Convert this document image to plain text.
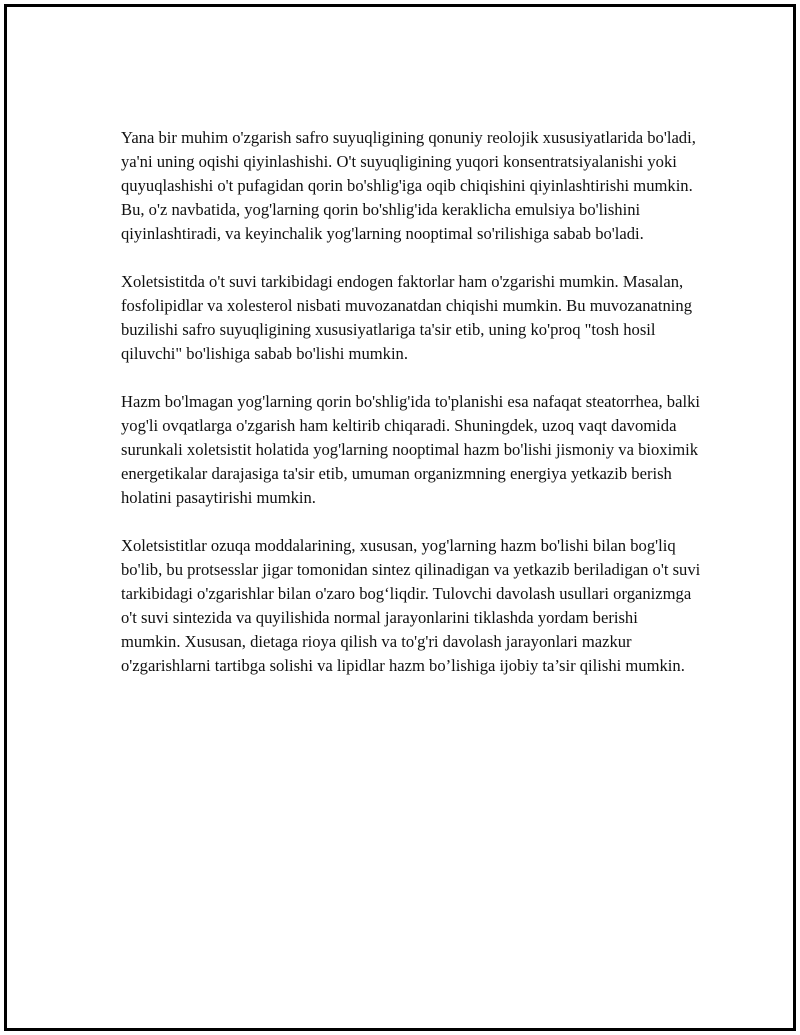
Yana bir muhim o'zgarish safro suyuqligining qonuniy reolojik xususiyatlarida bo'ladi, ya'ni uning oqishi qiyinlashishi. O't suyuqligining yuqori konsentratsiyalanishi yoki quyuqlashishi o't pufagidan qorin bo'shlig'iga oqib chiqishini qiyinlashtirishi mumkin. Bu, o'z navbatida, yog'larning qorin bo'shlig'ida keraklicha emulsiya bo'lishini qiyinlashtiradi, va keyinchalik yog'larning nooptimal so'rilishiga sabab bo'ladi.

Xoletsistitda o't suvi tarkibidagi endogen faktorlar ham o'zgarishi mumkin. Masalan, fosfolipidlar va xolesterol nisbati muvozanatdan chiqishi mumkin. Bu muvozanatning buzilishi safro suyuqligining xususiyatlariga ta'sir etib, uning ko'proq "tosh hosil qiluvchi" bo'lishiga sabab bo'lishi mumkin.

Hazm bo'lmagan yog'larning qorin bo'shlig'ida to'planishi esa nafaqat steatorrhea, balki yog'li ovqatlarga o'zgarish ham keltirib chiqaradi. Shuningdek, uzoq vaqt davomida surunkali xoletsistit holatida yog'larning nooptimal hazm bo'lishi jismoniy va bioximik energetikalar darajasiga ta'sir etib, umuman organizmning energiya yetkazib berish holatini pasaytirishi mumkin.

Xoletsistitlar ozuqa moddalarining, xususan, yog'larning hazm bo'lishi bilan bog'liq bo'lib, bu protsesslar jigar tomonidan sintez qilinadigan va yetkazib beriladigan o't suvi tarkibidagi o'zgarishlar bilan o'zaro bog‘liqdir. Tulovchi davolash usullari organizmga o't suvi sintezida va quyilishida normal jarayonlarini tiklashda yordam berishi mumkin. Xususan, dietaga rioya qilish va to'g'ri davolash jarayonlari mazkur o'zgarishlarni tartibga solishi va lipidlar hazm bo’lishiga ijobiy ta’sir qilishi mumkin.
